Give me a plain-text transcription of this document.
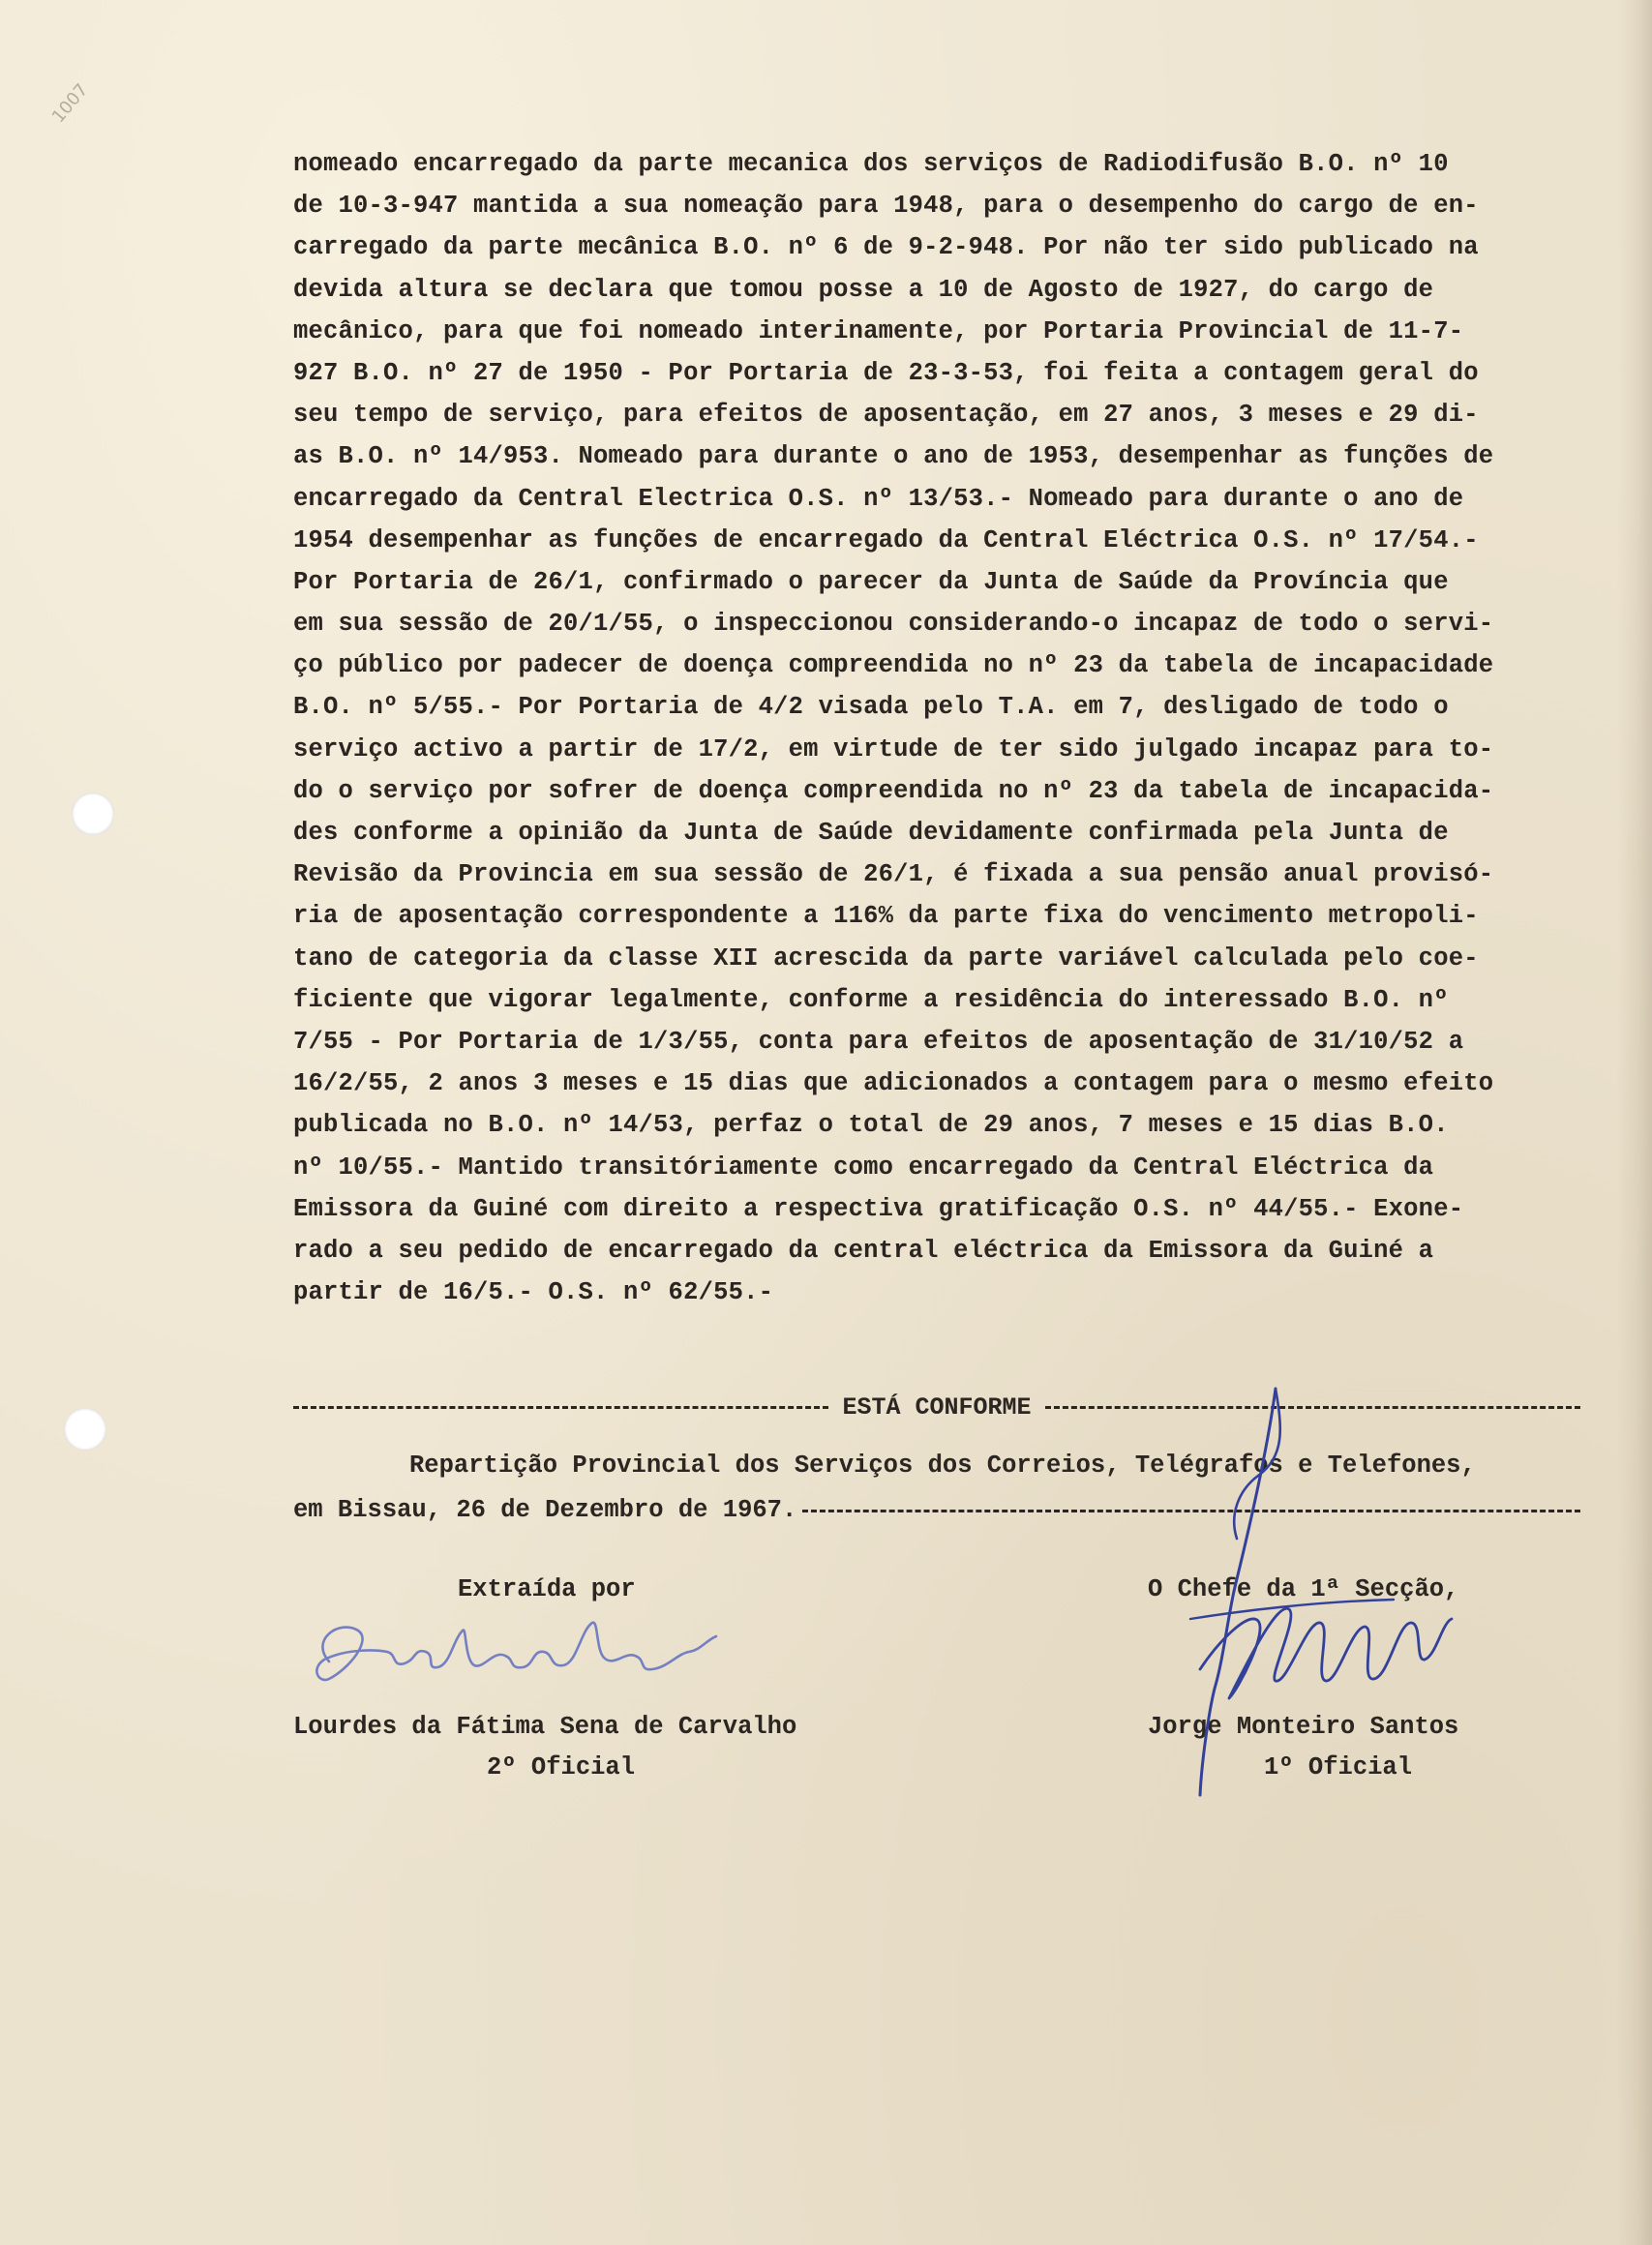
1007
nomeado encarregado da parte mecanica dos serviços de Radiodifusão B.O. nº 10
de 10-3-947 mantida a sua nomeação para 1948, para o desempenho do cargo de en-
carregado da parte mecânica B.O. nº 6 de 9-2-948. Por não ter sido publicado na
devida altura se declara que tomou posse a 10 de Agosto de 1927, do cargo de
mecânico, para que foi nomeado interinamente, por Portaria Provincial de 11-7-
927 B.O. nº 27 de 1950 - Por Portaria de 23-3-53, foi feita a contagem geral do
seu tempo de serviço, para efeitos de aposentação, em 27 anos, 3 meses e 29 di-
as B.O. nº 14/953. Nomeado para durante o ano de 1953, desempenhar as funções de
encarregado da Central Electrica O.S. nº 13/53.- Nomeado para durante o ano de
1954 desempenhar as funções de encarregado da Central Eléctrica O.S. nº 17/54.-
Por Portaria de 26/1, confirmado o parecer da Junta de Saúde da Província que
em sua sessão de 20/1/55, o inspeccionou considerando-o incapaz de todo o servi-
ço público por padecer de doença compreendida no nº 23 da tabela de incapacidade
B.O. nº 5/55.- Por Portaria de 4/2 visada pelo T.A. em 7, desligado de todo o
serviço activo a partir de 17/2, em virtude de ter sido julgado incapaz para to-
do o serviço por sofrer de doença compreendida no nº 23 da tabela de incapacida-
des conforme a opinião da Junta de Saúde devidamente confirmada pela Junta de
Revisão da Provincia em sua sessão de 26/1, é fixada a sua pensão anual provisó-
ria de aposentação correspondente a 116% da parte fixa do vencimento metropoli-
tano de categoria da classe XII acrescida da parte variável calculada pelo coe-
ficiente que vigorar legalmente, conforme a residência do interessado B.O. nº
7/55 - Por Portaria de 1/3/55, conta para efeitos de aposentação de 31/10/52 a
16/2/55, 2 anos 3 meses e 15 dias que adicionados a contagem para o mesmo efeito
publicada no B.O. nº 14/53, perfaz o total de 29 anos, 7 meses e 15 dias B.O.
nº 10/55.- Mantido transitóriamente como encarregado da Central Eléctrica da
Emissora da Guiné com direito a respectiva gratificação O.S. nº 44/55.- Exone-
rado a seu pedido de encarregado da central eléctrica da Emissora da Guiné a
partir de 16/5.- O.S. nº 62/55.-
ESTÁ CONFORME
Repartição Provincial dos Serviços dos Correios, Telégrafos e Telefones,
em Bissau, 26 de Dezembro de 1967.
Extraída por
Lourdes da Fátima Sena de Carvalho
2º Oficial
O Chefe da 1ª Secção,
Jorge Monteiro Santos
1º Oficial
